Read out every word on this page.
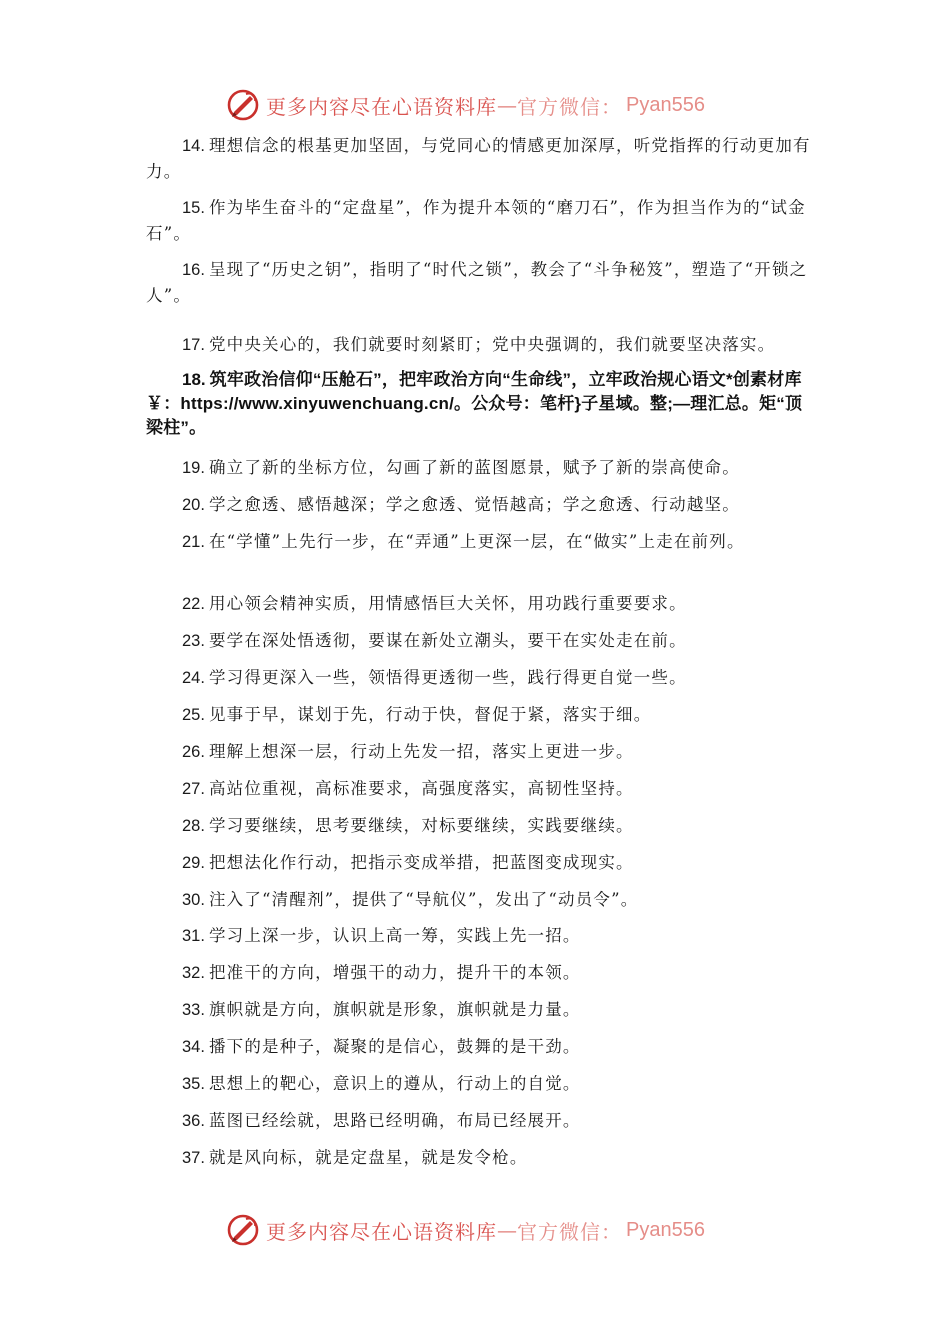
更多内容尽在心语资料库 — 官方微信： Pyan556

14. 理想信念的根基更加坚固，与党同心的情感更加深厚，听党指挥的行动更加有力。

15. 作为毕生奋斗的“定盘星”，作为提升本领的“磨刀石”，作为担当作为的“试金石”。

16. 呈现了“历史之钥”，指明了“时代之锁”，教会了“斗争秘笈”，塑造了“开锁之人”。

17. 党中央关心的，我们就要时刻紧盯；党中央强调的，我们就要坚决落实。

18. 筑牢政治信仰“压舱石”，把牢政治方向“生命线”，立牢政治规心语文*创素材库￥：https://www.xinyuwenchuang.cn/。公众号：笔杆}子星域。整;—理汇总。矩“顶梁柱”。

19. 确立了新的坐标方位，勾画了新的蓝图愿景，赋予了新的崇高使命。

20. 学之愈透、感悟越深；学之愈透、觉悟越高；学之愈透、行动越坚。

21. 在“学懂”上先行一步，在“弄通”上更深一层，在“做实”上走在前列。

22. 用心领会精神实质，用情感悟巨大关怀，用功践行重要要求。

23. 要学在深处悟透彻，要谋在新处立潮头，要干在实处走在前。

24. 学习得更深入一些，领悟得更透彻一些，践行得更自觉一些。

25. 见事于早，谋划于先，行动于快，督促于紧，落实于细。

26. 理解上想深一层，行动上先发一招，落实上更进一步。

27. 高站位重视，高标准要求，高强度落实，高韧性坚持。

28. 学习要继续，思考要继续，对标要继续，实践要继续。

29. 把想法化作行动，把指示变成举措，把蓝图变成现实。

30. 注入了“清醒剂”，提供了“导航仪”，发出了“动员令”。

31. 学习上深一步，认识上高一筹，实践上先一招。

32. 把准干的方向，增强干的动力，提升干的本领。

33. 旗帜就是方向，旗帜就是形象，旗帜就是力量。

34. 播下的是种子，凝聚的是信心，鼓舞的是干劲。

35. 思想上的靶心，意识上的遵从，行动上的自觉。

36. 蓝图已经绘就，思路已经明确，布局已经展开。

37. 就是风向标，就是定盘星，就是发令枪。

更多内容尽在心语资料库 — 官方微信： Pyan556
